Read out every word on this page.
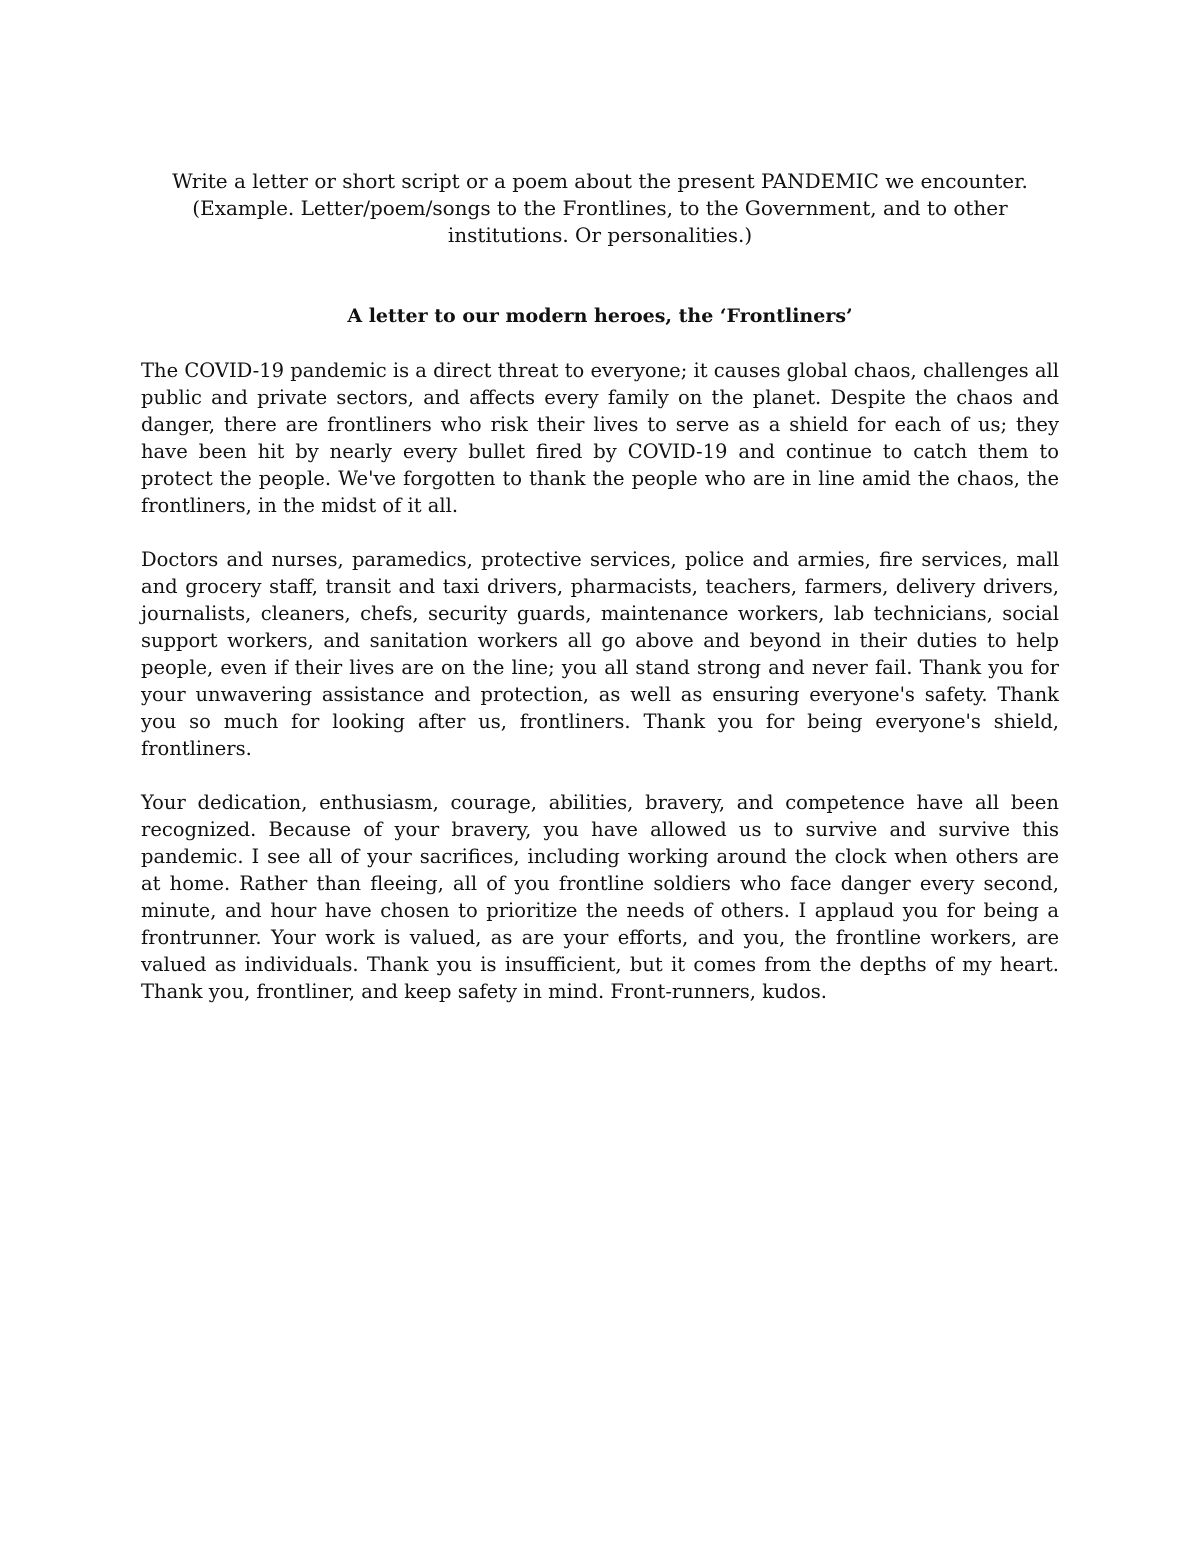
Write a letter or short script or a poem about the present PANDEMIC we encounter. (Example. Letter/poem/songs to the Frontlines, to the Government, and to other institutions. Or personalities.)

A letter to our modern heroes, the ‘Frontliners’

The COVID-19 pandemic is a direct threat to everyone; it causes global chaos, challenges all public and private sectors, and affects every family on the planet. Despite the chaos and danger, there are frontliners who risk their lives to serve as a shield for each of us; they have been hit by nearly every bullet fired by COVID-19 and continue to catch them to protect the people. We've forgotten to thank the people who are in line amid the chaos, the frontliners, in the midst of it all.

Doctors and nurses, paramedics, protective services, police and armies, fire services, mall and grocery staff, transit and taxi drivers, pharmacists, teachers, farmers, delivery drivers, journalists, cleaners, chefs, security guards, maintenance workers, lab technicians, social support workers, and sanitation workers all go above and beyond in their duties to help people, even if their lives are on the line; you all stand strong and never fail. Thank you for your unwavering assistance and protection, as well as ensuring everyone's safety. Thank you so much for looking after us, frontliners. Thank you for being everyone's shield, frontliners.

Your dedication, enthusiasm, courage, abilities, bravery, and competence have all been recognized. Because of your bravery, you have allowed us to survive and survive this pandemic. I see all of your sacrifices, including working around the clock when others are at home. Rather than fleeing, all of you frontline soldiers who face danger every second, minute, and hour have chosen to prioritize the needs of others. I applaud you for being a frontrunner. Your work is valued, as are your efforts, and you, the frontline workers, are valued as individuals. Thank you is insufficient, but it comes from the depths of my heart. Thank you, frontliner, and keep safety in mind. Front-runners, kudos.
